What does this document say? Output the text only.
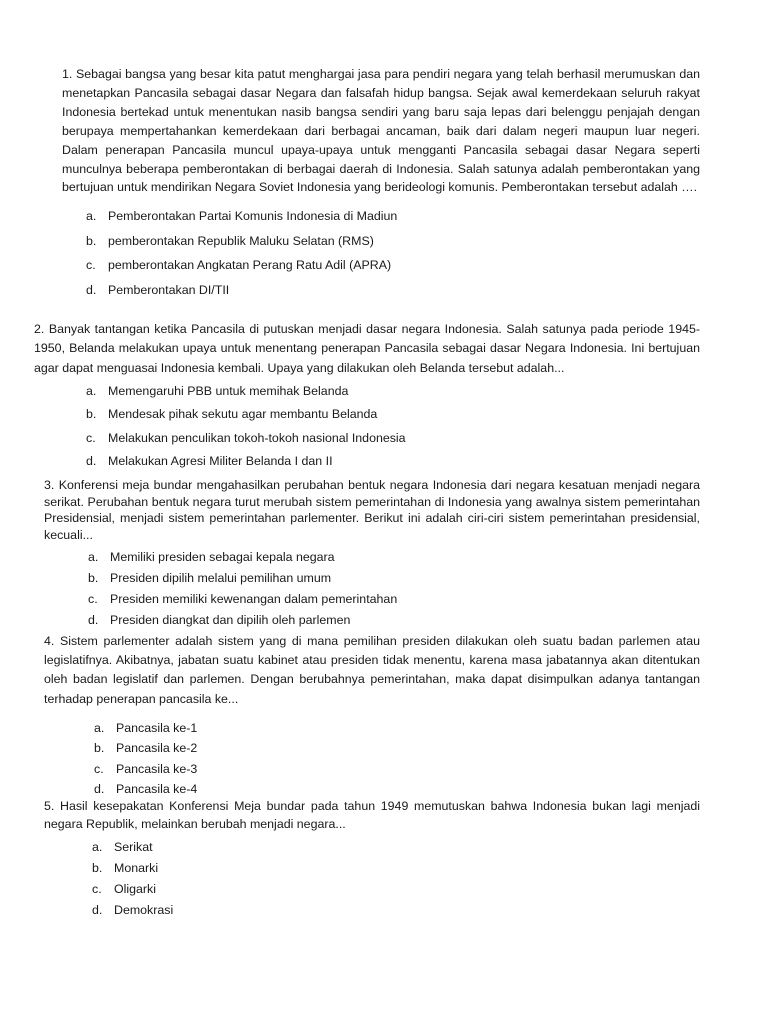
1. Sebagai bangsa yang besar kita patut menghargai jasa para pendiri negara yang telah berhasil merumuskan dan menetapkan Pancasila sebagai dasar Negara dan falsafah hidup bangsa. Sejak awal kemerdekaan seluruh rakyat Indonesia bertekad untuk menentukan nasib bangsa sendiri yang baru saja lepas dari belenggu penjajah dengan berupaya mempertahankan kemerdekaan dari berbagai ancaman, baik dari dalam negeri maupun luar negeri. Dalam penerapan Pancasila muncul upaya-upaya untuk mengganti Pancasila sebagai dasar Negara seperti munculnya beberapa pemberontakan di berbagai daerah di Indonesia. Salah satunya adalah pemberontakan yang bertujuan untuk mendirikan Negara Soviet Indonesia yang berideologi komunis. Pemberontakan tersebut adalah ….

a. Pemberontakan Partai Komunis Indonesia di Madiun
b. pemberontakan Republik Maluku Selatan (RMS)
c. pemberontakan Angkatan Perang Ratu Adil (APRA)
d. Pemberontakan DI/TII

2. Banyak tantangan ketika Pancasila di putuskan menjadi dasar negara Indonesia. Salah satunya pada periode 1945-1950, Belanda melakukan upaya untuk menentang penerapan Pancasila sebagai dasar Negara Indonesia. Ini bertujuan agar dapat menguasai Indonesia kembali. Upaya yang dilakukan oleh Belanda tersebut adalah...

a. Memengaruhi PBB untuk memihak Belanda
b. Mendesak pihak sekutu agar membantu Belanda
c. Melakukan penculikan tokoh-tokoh nasional Indonesia
d. Melakukan Agresi Militer Belanda I dan II

3. Konferensi meja bundar mengahasilkan perubahan bentuk negara Indonesia dari negara kesatuan menjadi negara serikat. Perubahan bentuk negara turut merubah sistem pemerintahan di Indonesia yang awalnya sistem pemerintahan Presidensial, menjadi sistem pemerintahan parlementer. Berikut ini adalah ciri-ciri sistem pemerintahan presidensial, kecuali...

a. Memiliki presiden sebagai kepala negara
b. Presiden dipilih melalui pemilihan umum
c. Presiden memiliki kewenangan dalam pemerintahan
d. Presiden diangkat dan dipilih oleh parlemen

4. Sistem parlementer adalah sistem yang di mana pemilihan presiden dilakukan oleh suatu badan parlemen atau legislatifnya. Akibatnya, jabatan suatu kabinet atau presiden tidak menentu, karena masa jabatannya akan ditentukan oleh badan legislatif dan parlemen. Dengan berubahnya pemerintahan, maka dapat disimpulkan adanya tantangan terhadap penerapan pancasila ke...

a. Pancasila ke-1
b. Pancasila ke-2
c. Pancasila ke-3
d. Pancasila ke-4

5. Hasil kesepakatan Konferensi Meja bundar pada tahun 1949 memutuskan bahwa Indonesia bukan lagi menjadi negara Republik, melainkan berubah menjadi negara...

a. Serikat
b. Monarki
c. Oligarki
d. Demokrasi
